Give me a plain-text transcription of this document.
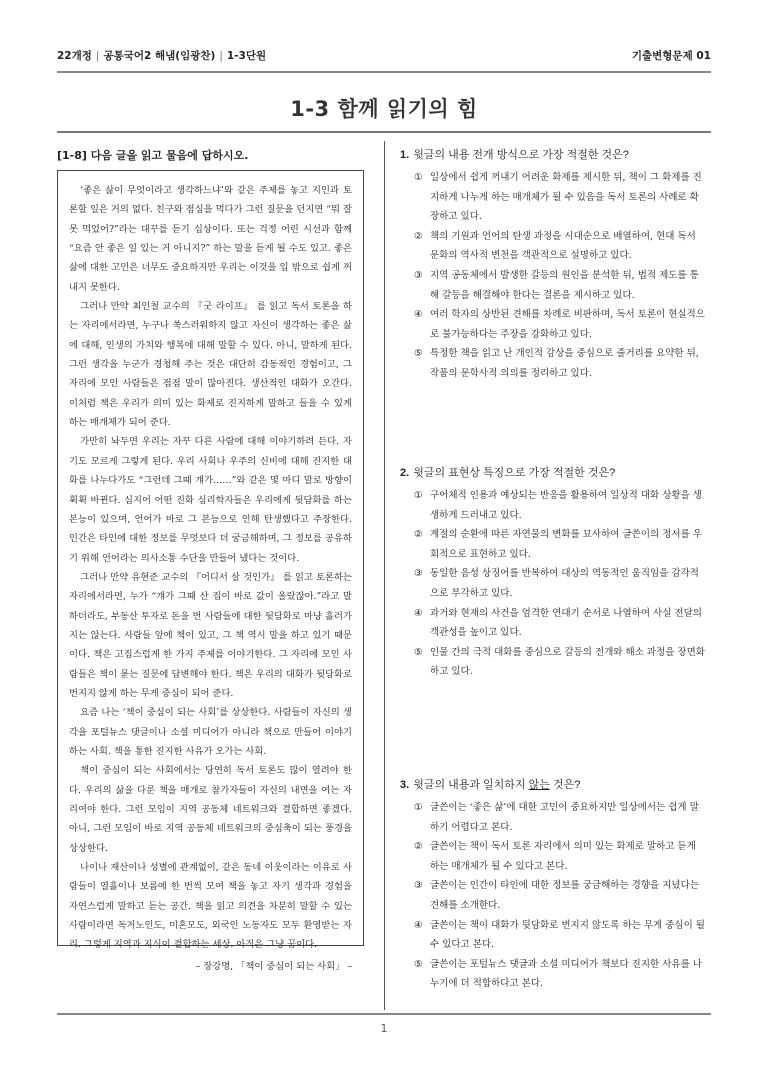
22개정 | 공통국어2 해냄(임광찬) | 1-3단원	기출변형문제 01
1-3 함께 읽기의 힘
[1-8] 다음 글을 읽고 물음에 답하시오.

‘좋은 삶이 무엇이라고 생각하느냐’와 같은 주제를 놓고 지인과 토론할 일은 거의 없다. 친구와 점심을 먹다가 그런 질문을 던지면 “뭐 잘못 먹었어?”라는 대꾸를 듣기 십상이다. 또는 걱정 어린 시선과 함께 “요즘 안 좋은 일 있는 거 아니지?” 하는 말을 듣게 될 수도 있고. 좋은 삶에 대한 고민은 너무도 중요하지만 우리는 이것을 입 밖으로 쉽게 꺼내지 못한다.

그러나 만약 최인철 교수의 『굿 라이프』 를 읽고 독서 토론을 하는 자리에서라면, 누구나 쑥스러워하지 않고 자신이 생각하는 좋은 삶에 대해, 인생의 가치와 행복에 대해 말할 수 있다. 아니, 말하게 된다. 그런 생각을 누군가 경청해 주는 것은 대단히 감동적인 경험이고, 그 자리에 모인 사람들은 점점 말이 많아진다. 생산적인 대화가 오간다. 이처럼 책은 우리가 의미 있는 화제로 진지하게 말하고 들을 수 있게 하는 매개체가 되어 준다.

가만히 놔두면 우리는 자꾸 다른 사람에 대해 이야기하려 든다. 자기도 모르게 그렇게 된다. 우리 사회나 우주의 신비에 대해 진지한 대화를 나누다가도 “그런데 그때 걔가……”와 같은 몇 마디 말로 방향이 휙휙 바뀐다. 심지어 어떤 진화 심리학자들은 우리에게 뒷담화를 하는 본능이 있으며, 언어가 바로 그 본능으로 인해 탄생했다고 주장한다. 인간은 타인에 대한 정보를 무엇보다 더 궁금해하며, 그 정보를 공유하기 위해 언어라는 의사소통 수단을 만들어 냈다는 것이다.

그러나 만약 유현준 교수의 『어디서 살 것인가』 를 읽고 토론하는 자리에서라면, 누가 “걔가 그때 산 집이 바로 값이 올랐잖아.”라고 말하더라도, 부동산 투자로 돈을 번 사람들에 대한 뒷담화로 마냥 흘러가지는 않는다. 사람들 앞에 책이 있고, 그 책 역시 말을 하고 있기 때문이다. 책은 고집스럽게 한 가지 주제를 이야기한다. 그 자리에 모인 사람들은 책이 묻는 질문에 답변해야 한다. 책은 우리의 대화가 뒷담화로 번지지 않게 하는 무게 중심이 되어 준다.

요즘 나는 ‘책이 중심이 되는 사회’를 상상한다. 사람들이 자신의 생각을 포털뉴스 댓글이나 소셜 미디어가 아니라 책으로 만들어 이야기하는 사회. 책을 통한 진지한 사유가 오가는 사회.

책이 중심이 되는 사회에서는 당연히 독서 토론도 많이 열려야 한다. 우리의 삶을 다룬 책을 매개로 참가자들이 자신의 내면을 여는 자리여야 한다. 그런 모임이 지역 공동체 네트워크와 결합하면 좋겠다. 아니, 그런 모임이 바로 지역 공동체 네트워크의 중심축이 되는 풍경을 상상한다.

나이나 재산이나 성별에 관계없이, 같은 동네 이웃이라는 이유로 사람들이 열흘이나 보름에 한 번씩 모여 책을 놓고 자기 생각과 경험을 자연스럽게 말하고 듣는 공간. 책을 읽고 의견을 차분히 말할 수 있는 사람이라면 독거노인도, 미혼모도, 외국인 노동자도 모두 환영받는 자리. 그렇게 지역과 지식이 결합하는 세상. 아직은 그냥 꿈이다.

– 장강명, 「책이 중심이 되는 사회」 –

1. 윗글의 내용 전개 방식으로 가장 적절한 것은?
① 일상에서 쉽게 꺼내기 어려운 화제를 제시한 뒤, 책이 그 화제를 진지하게 나누게 하는 매개체가 될 수 있음을 독서 토론의 사례로 확장하고 있다.
② 책의 기원과 언어의 탄생 과정을 시대순으로 배열하여, 현대 독서 문화의 역사적 변천을 객관적으로 설명하고 있다.
③ 지역 공동체에서 발생한 갈등의 원인을 분석한 뒤, 법적 제도를 통해 갈등을 해결해야 한다는 결론을 제시하고 있다.
④ 여러 학자의 상반된 견해를 차례로 비판하며, 독서 토론이 현실적으로 불가능하다는 주장을 강화하고 있다.
⑤ 특정한 책을 읽고 난 개인적 감상을 중심으로 줄거리를 요약한 뒤, 작품의 문학사적 의의를 정리하고 있다.
2. 윗글의 표현상 특징으로 가장 적절한 것은?
① 구어체적 인용과 예상되는 반응을 활용하여 일상적 대화 상황을 생생하게 드러내고 있다.
② 계절의 순환에 따른 자연물의 변화를 묘사하여 글쓴이의 정서를 우회적으로 표현하고 있다.
③ 동일한 음성 상징어를 반복하여 대상의 역동적인 움직임을 감각적으로 부각하고 있다.
④ 과거와 현재의 사건을 엄격한 연대기 순서로 나열하여 사실 전달의 객관성을 높이고 있다.
⑤ 인물 간의 극적 대화를 중심으로 갈등의 전개와 해소 과정을 장면화하고 있다.
3. 윗글의 내용과 일치하지 않는 것은?
① 글쓴이는 ‘좋은 삶’에 대한 고민이 중요하지만 일상에서는 쉽게 말하기 어렵다고 본다.
② 글쓴이는 책이 독서 토론 자리에서 의미 있는 화제로 말하고 듣게 하는 매개체가 될 수 있다고 본다.
③ 글쓴이는 인간이 타인에 대한 정보를 궁금해하는 경향을 지녔다는 견해를 소개한다.
④ 글쓴이는 책이 대화가 뒷담화로 번지지 않도록 하는 무게 중심이 될 수 있다고 본다.
⑤ 글쓴이는 포털뉴스 댓글과 소셜 미디어가 책보다 진지한 사유를 나누기에 더 적합하다고 본다.
1
